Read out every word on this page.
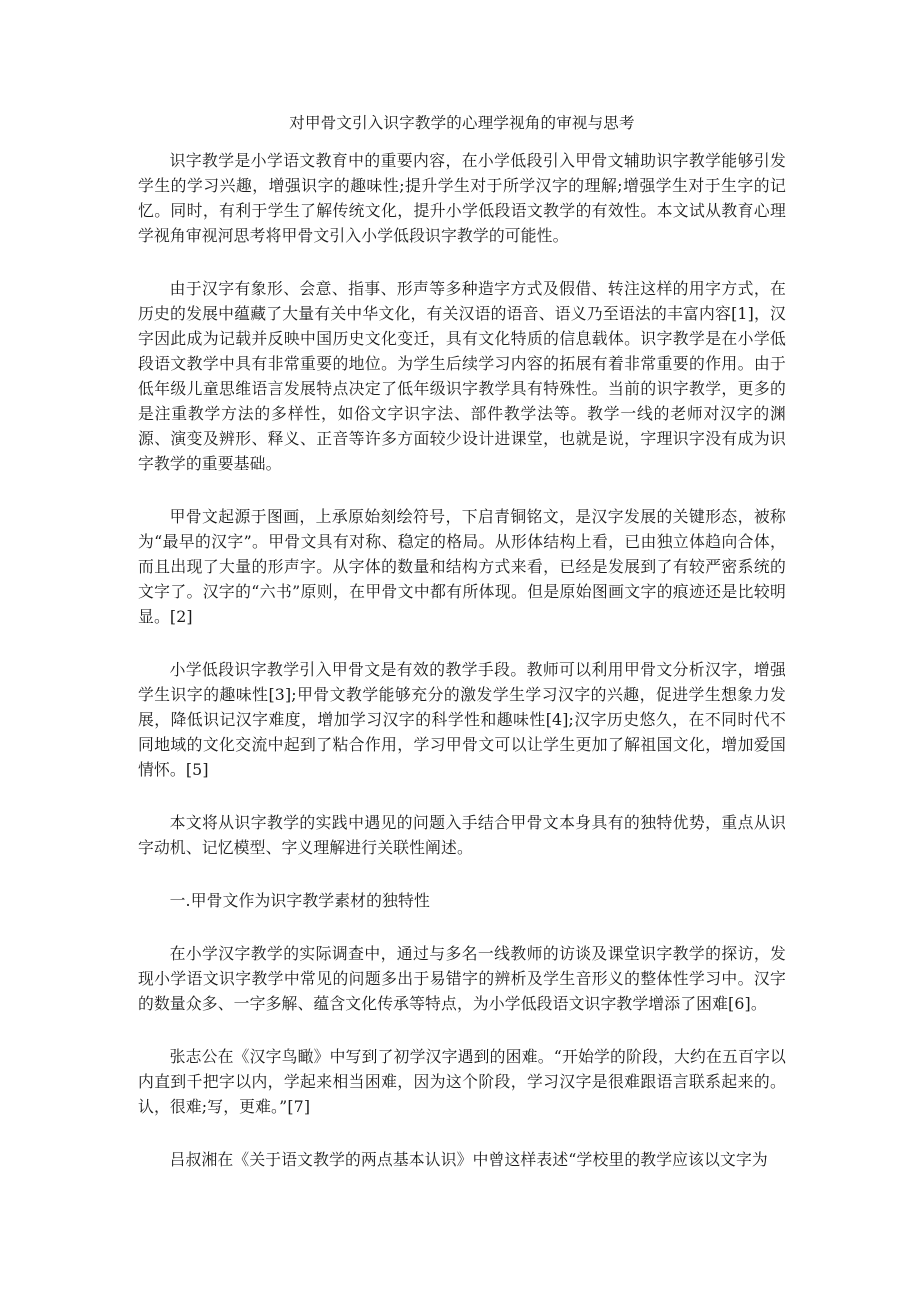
对甲骨文引入识字教学的心理学视角的审视与思考

识字教学是小学语文教育中的重要内容，在小学低段引入甲骨文辅助识字教学能够引发学生的学习兴趣，增强识字的趣味性;提升学生对于所学汉字的理解;增强学生对于生字的记忆。同时，有利于学生了解传统文化，提升小学低段语文教学的有效性。本文试从教育心理学视角审视河思考将甲骨文引入小学低段识字教学的可能性。

由于汉字有象形、会意、指事、形声等多种造字方式及假借、转注这样的用字方式，在历史的发展中蕴藏了大量有关中华文化，有关汉语的语音、语义乃至语法的丰富内容[1]，汉字因此成为记载并反映中国历史文化变迁，具有文化特质的信息载体。识字教学是在小学低段语文教学中具有非常重要的地位。为学生后续学习内容的拓展有着非常重要的作用。由于低年级儿童思维语言发展特点决定了低年级识字教学具有特殊性。当前的识字教学，更多的是注重教学方法的多样性，如俗文字识字法、部件教学法等。教学一线的老师对汉字的渊源、演变及辨形、释义、正音等许多方面较少设计进课堂，也就是说，字理识字没有成为识字教学的重要基础。

甲骨文起源于图画，上承原始刻绘符号，下启青铜铭文，是汉字发展的关键形态，被称为“最早的汉字”。甲骨文具有对称、稳定的格局。从形体结构上看，已由独立体趋向合体，而且出现了大量的形声字。从字体的数量和结构方式来看，已经是发展到了有较严密系统的文字了。汉字的“六书”原则，在甲骨文中都有所体现。但是原始图画文字的痕迹还是比较明显。[2]

小学低段识字教学引入甲骨文是有效的教学手段。教师可以利用甲骨文分析汉字，增强学生识字的趣味性[3];甲骨文教学能够充分的激发学生学习汉字的兴趣，促进学生想象力发展，降低识记汉字难度，增加学习汉字的科学性和趣味性[4];汉字历史悠久，在不同时代不同地域的文化交流中起到了粘合作用，学习甲骨文可以让学生更加了解祖国文化，增加爱国情怀。[5]

本文将从识字教学的实践中遇见的问题入手结合甲骨文本身具有的独特优势，重点从识字动机、记忆模型、字义理解进行关联性阐述。

一.甲骨文作为识字教学素材的独特性

在小学汉字教学的实际调查中，通过与多名一线教师的访谈及课堂识字教学的探访，发现小学语文识字教学中常见的问题多出于易错字的辨析及学生音形义的整体性学习中。汉字的数量众多、一字多解、蕴含文化传承等特点，为小学低段语文识字教学增添了困难[6]。

张志公在《汉字鸟瞰》中写到了初学汉字遇到的困难。“开始学的阶段，大约在五百字以内直到千把字以内，学起来相当困难，因为这个阶段，学习汉字是很难跟语言联系起来的。认，很难;写，更难。”[7]

吕叔湘在《关于语文教学的两点基本认识》中曾这样表述“学校里的教学应该以文字为
